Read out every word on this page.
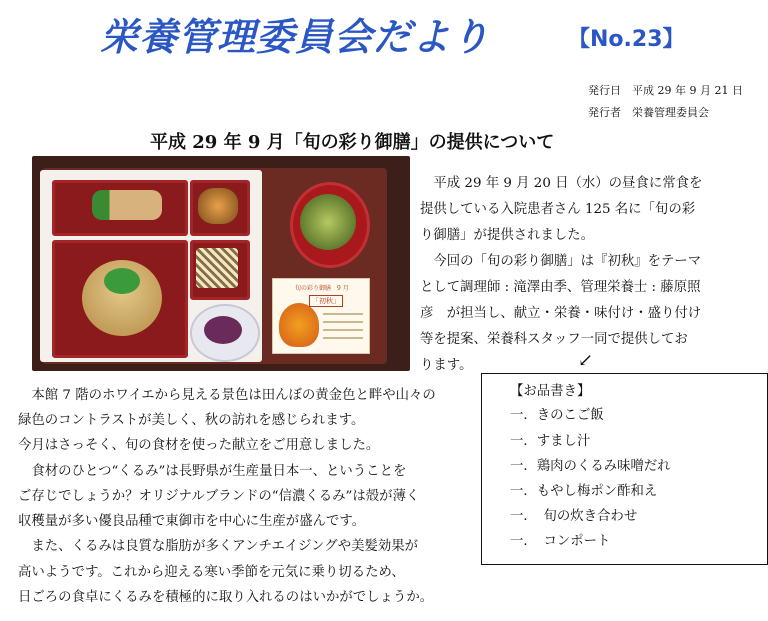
栄養管理委員会だより	【No.23】
発行日　平成 29 年 9 月 21 日
発行者　栄養管理委員会
平成 29 年 9 月「旬の彩り御膳」の提供について
旬の彩り御膳　9 月
「初秋」
　平成 29 年 9 月 20 日（水）の昼食に常食を
提供している入院患者さん 125 名に「旬の彩
り御膳」が提供されました。
　今回の「旬の彩り御膳」は『初秋』をテーマ
として調理師 : 滝澤由季、管理栄養士 : 藤原照
彦　が担当し、献立・栄養・味付け・盛り付け
等を提案、栄養科スタッフ一同で提供してお
ります。	↙
【お品書き】
一．きのこご飯
一．すまし汁
一．鶏肉のくるみ味噌だれ
一．もやし梅ポン酢和え
一．　旬の炊き合わせ
一．　コンポート
　本館 7 階のホワイエから見える景色は田んぼの黄金色と畔や山々の
緑色のコントラストが美しく、秋の訪れを感じられます。
今月はさっそく、旬の食材を使った献立をご用意しました。
　食材のひとつ“くるみ”は長野県が生産量日本一、ということを
ご存じでしょうか？オリジナルブランドの“信濃くるみ”は殻が薄く
収穫量が多い優良品種で東御市を中心に生産が盛んです。
　また、くるみは良質な脂肪が多くアンチエイジングや美髪効果が
高いようです。これから迎える寒い季節を元気に乗り切るため、
日ごろの食卓にくるみを積極的に取り入れるのはいかがでしょうか。
